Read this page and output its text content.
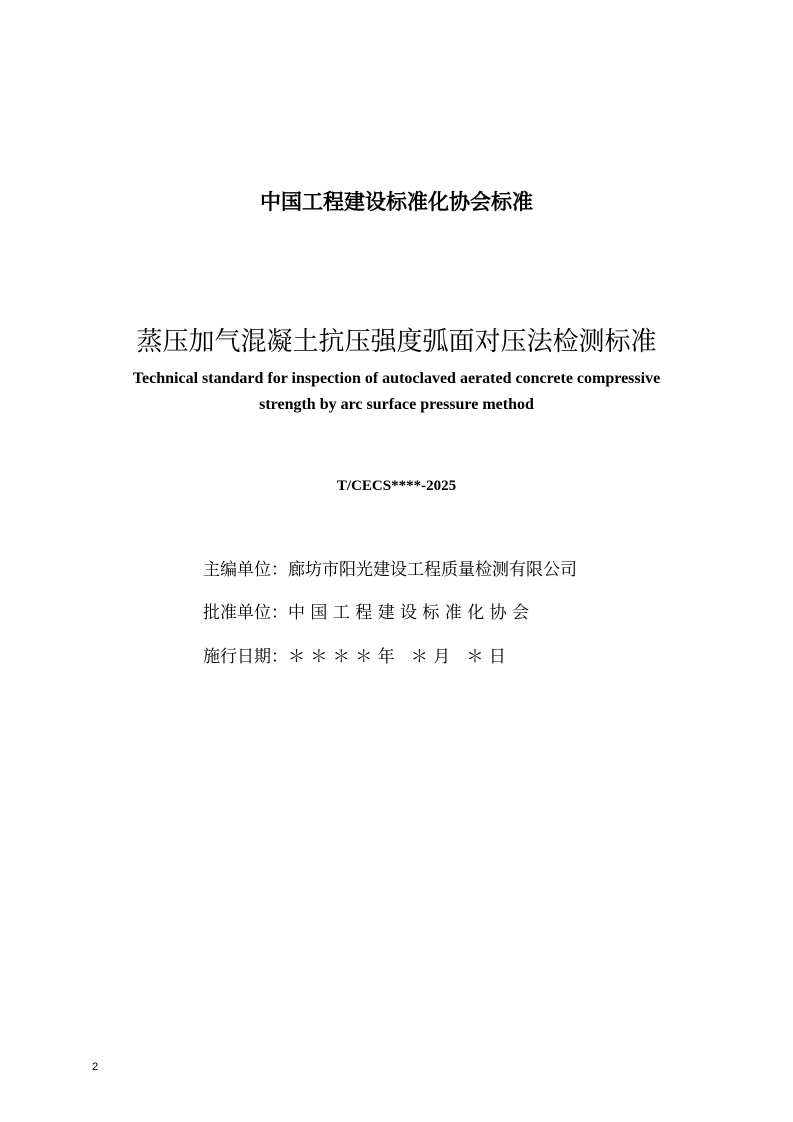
中国工程建设标准化协会标准
蒸压加气混凝土抗压强度弧面对压法检测标准
Technical standard for inspection of autoclaved aerated concrete compressive
strength by arc surface pressure method
T/CECS****-2025
主编单位：廊坊市阳光建设工程质量检测有限公司
批准单位：中 国 工 程 建 设 标 准 化 协 会
施行日期：＊ ＊ ＊ ＊ 年   ＊ 月   ＊ 日
2
